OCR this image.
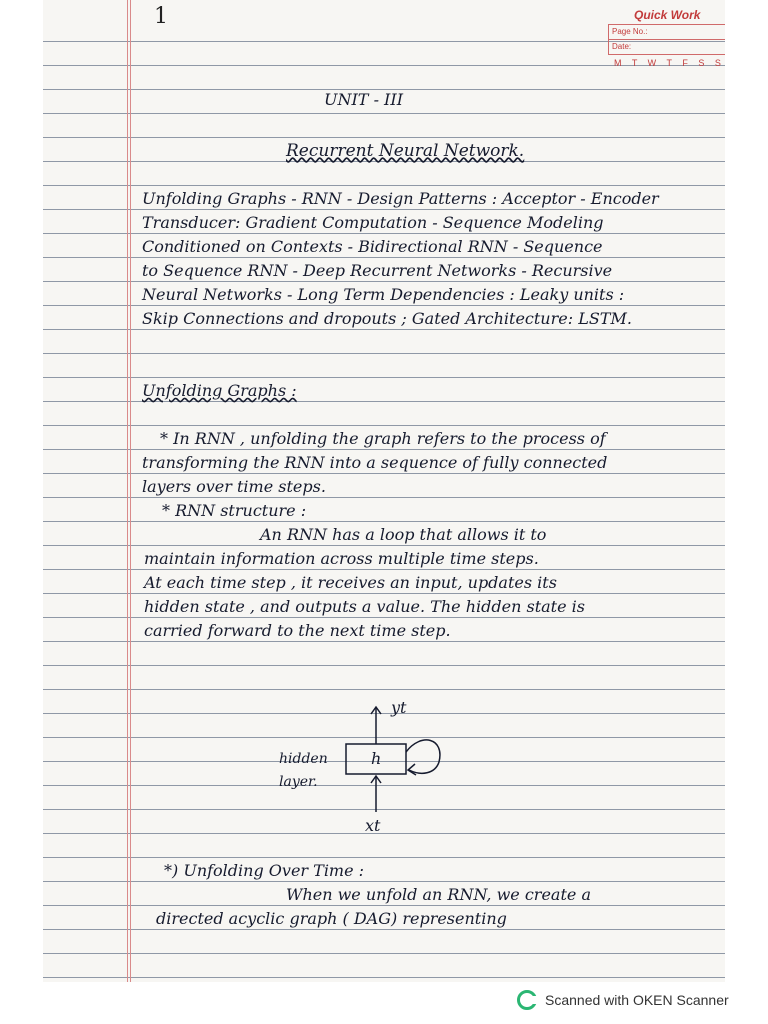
1	Quick Work
Page No.:
Date:
M T W T F S S
UNIT - III
Recurrent Neural Network.
Unfolding Graphs - RNN - Design Patterns : Acceptor - Encoder
Transducer: Gradient Computation - Sequence Modeling
Conditioned on Contexts - Bidirectional RNN - Sequence
to Sequence RNN - Deep Recurrent Networks - Recursive
Neural Networks - Long Term Dependencies : Leaky units :
Skip Connections and dropouts ; Gated Architecture: LSTM.
Unfolding Graphs :
* In RNN , unfolding the graph refers to the process of
transforming the RNN into a sequence of fully connected
layers over time steps.
* RNN structure :
An RNN has a loop that allows it to
maintain information across multiple time steps.
At each time step , it receives an input, updates its
hidden state , and outputs a value. The hidden state is
carried forward to the next time step.
yt
h
hidden
layer.
xt
*) Unfolding Over Time :
When we unfold an RNN, we create a
directed acyclic graph ( DAG) representing
Scanned with OKEN Scanner
